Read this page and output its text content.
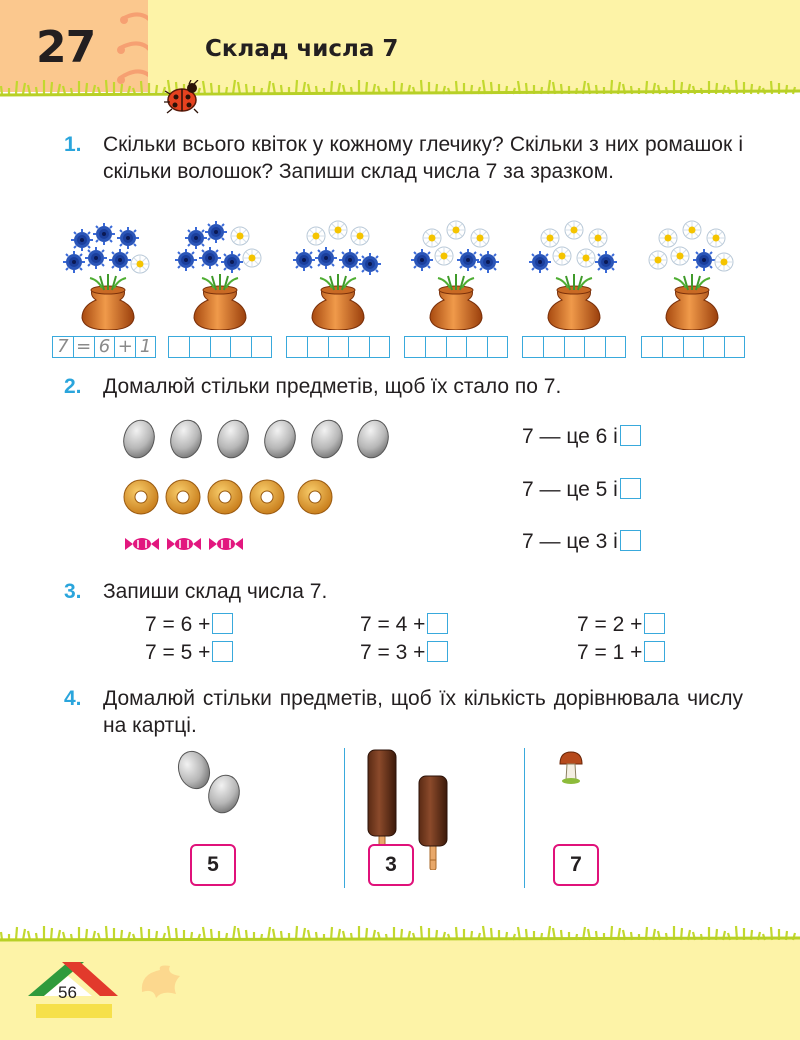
27	Склад числа 7
1. Скільки всього квіток у кожному глечику? Скільки з них ромашок і скільки волошок? Запиши склад числа 7 за зразком.
7 = 6 + 1
2. Домалюй стільки предметів, щоб їх стало по 7.
7 — це 6 і
7 — це 5 і
7 — це 3 і
3. Запиши склад числа 7.
7 = 6 +	7 = 4 +	7 = 2 +
7 = 5 +	7 = 3 +	7 = 1 +
4. Домалюй стільки предметів, щоб їх кількість дорівнювала числу на картці.
5	3	7
56
